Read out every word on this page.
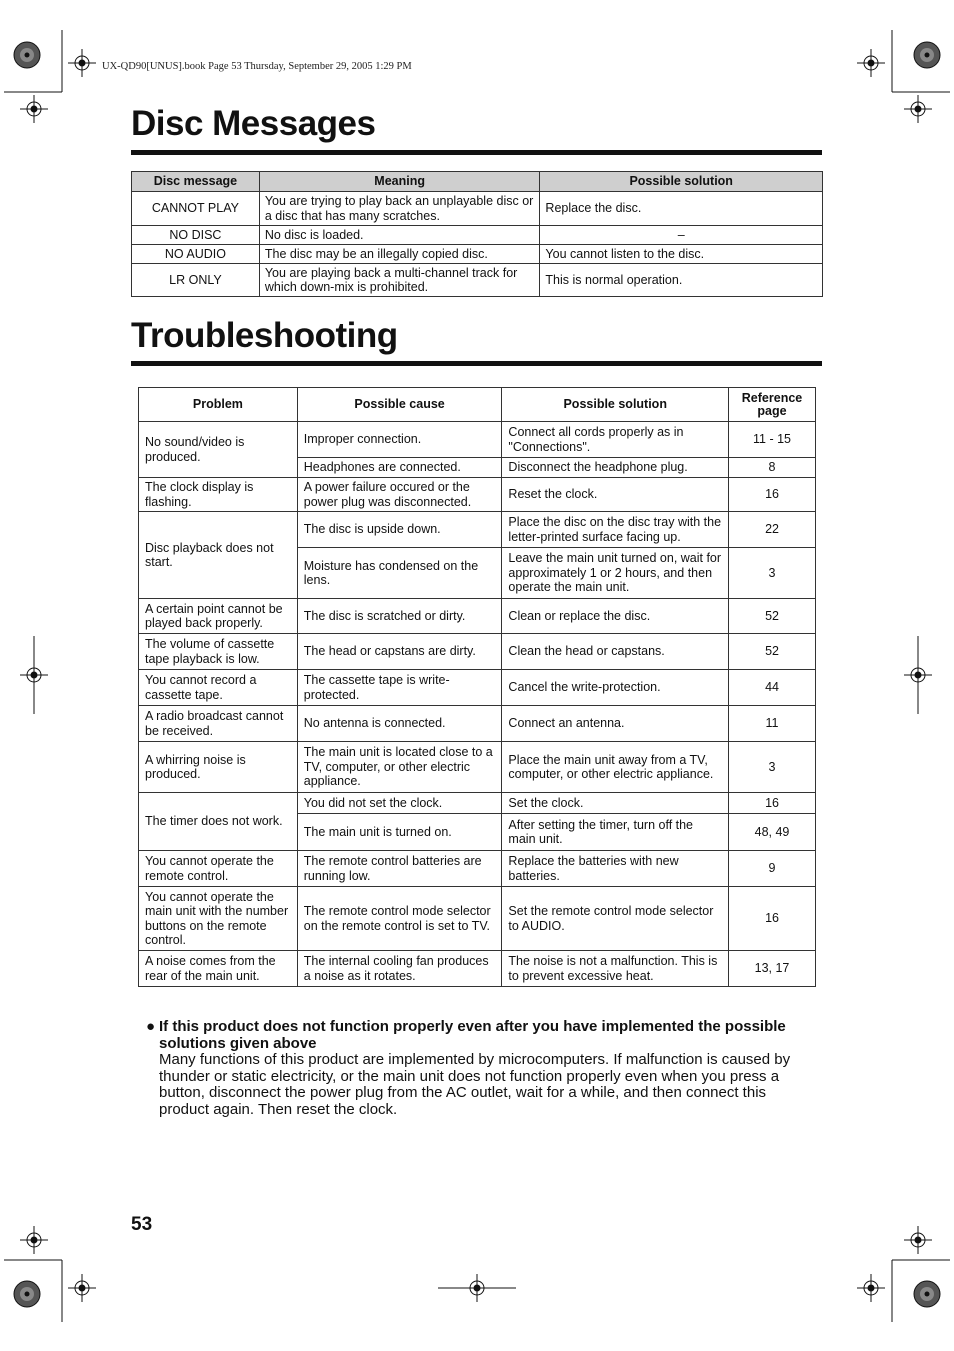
UX-QD90[UNUS].book Page 53 Thursday, September 29, 2005 1:29 PM
Disc Messages
Disc message	Meaning	Possible solution
CANNOT PLAY	You are trying to play back an unplayable disc or a disc that has many scratches.	Replace the disc.
NO DISC	No disc is loaded.	–
NO AUDIO	The disc may be an illegally copied disc.	You cannot listen to the disc.
LR ONLY	You are playing back a multi-channel track for which down-mix is prohibited.	This is normal operation.
Troubleshooting
Problem	Possible cause	Possible solution	Reference page
No sound/video is produced.	Improper connection.	Connect all cords properly as in "Connections".	11 - 15
	Headphones are connected.	Disconnect the headphone plug.	8
The clock display is flashing.	A power failure occured or the power plug was disconnected.	Reset the clock.	16
Disc playback does not start.	The disc is upside down.	Place the disc on the disc tray with the letter-printed surface facing up.	22
	Moisture has condensed on the lens.	Leave the main unit turned on, wait for approximately 1 or 2 hours, and then operate the main unit.	3
A certain point cannot be played back properly.	The disc is scratched or dirty.	Clean or replace the disc.	52
The volume of cassette tape playback is low.	The head or capstans are dirty.	Clean the head or capstans.	52
You cannot record a cassette tape.	The cassette tape is write-protected.	Cancel the write-protection.	44
A radio broadcast cannot be received.	No antenna is connected.	Connect an antenna.	11
A whirring noise is produced.	The main unit is located close to a TV, computer, or other electric appliance.	Place the main unit away from a TV, computer, or other electric appliance.	3
The timer does not work.	You did not set the clock.	Set the clock.	16
	The main unit is turned on.	After setting the timer, turn off the main unit.	48, 49
You cannot operate the remote control.	The remote control batteries are running low.	Replace the batteries with new batteries.	9
You cannot operate the main unit with the number buttons on the remote control.	The remote control mode selector on the remote control is set to TV.	Set the remote control mode selector to AUDIO.	16
A noise comes from the rear of the main unit.	The internal cooling fan produces a noise as it rotates.	The noise is not a malfunction. This is to prevent excessive heat.	13, 17
● If this product does not function properly even after you have implemented the possible solutions given above
Many functions of this product are implemented by microcomputers. If malfunction is caused by thunder or static electricity, or the main unit does not function properly even when you press a button, disconnect the power plug from the AC outlet, wait for a while, and then connect this product again. Then reset the clock.
53
